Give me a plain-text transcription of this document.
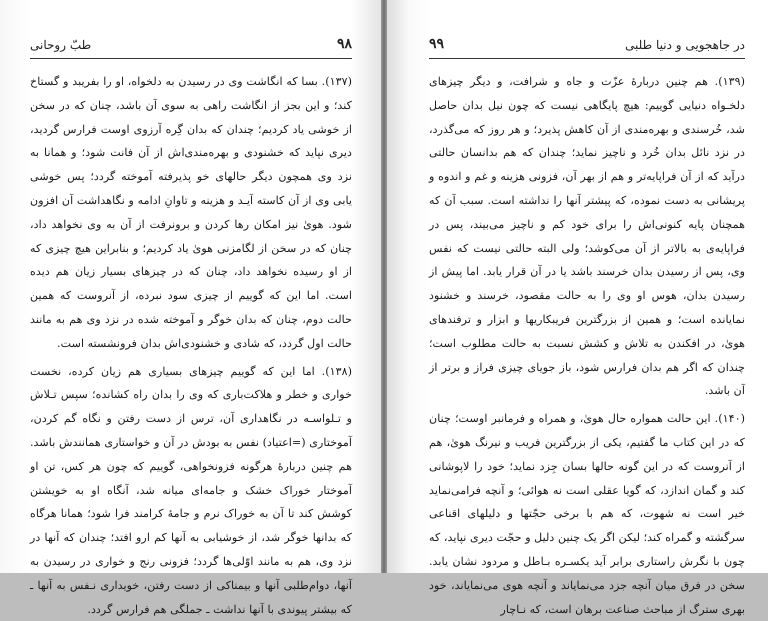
۹۸
طبّ روحانی

(۱۳۷). بسا که انگاشت وی در رسیدن به دلخواه، او را بفریبد و گستاخ کند؛ و این بجز از انگاشت راهی به سوی آن باشد، چنان که در سخن از خوشی یاد کردیم؛ چندان که بدان گِره آرزوی اوست فرارس گردید، دیری نپاید که خشنودی و بهره‌مندی‌اش از آن فانت شود؛ و همانا به نزد وی همچون دیگر حالهای خو پذیرفته آموخته گردد؛ پس خوشی یابی وی از آن کاسته آیـد و هزینه و تاوانِ ادامه و نگاهداشت آن افزون شود. هویٰ نیز امکان رها کردن و برونرفت از آن به وی نخواهد داد، چنان که در سخن از لگامزنی هویٰ یاد کردیم؛ و بنابراین هیچ چیزی که از او رسیده نخواهد داد، چنان که در چیزهای بسیار زیان هم دیده است. اما این که گوییم از چیزی سود نبرده، از آنروست که همین حالت دوم، چنان که بدان خوگر و آموخته شده در نزد وی هم به مانند حالت اول گردد، که شادی و خشنودی‌اش بدان فرونشسته است.

(۱۳۸). اما این که گوییم چیزهای بسیاری هم زیان کرده، نخست خواری و خطر و هلاکت‌باری که وی را بدان راه کشانده؛ سپس تـلاش و تـلواسـه در نگاهداری آن، ترس از دست رفتن و نگاه گم کردن، آموختاری (=اعتیاد) نفس به بودش در آن و خواستاری همانندش باشد. هم چنین دربارهٔ هرگونه فزونخواهی، گوییم که چون هر کس، تن او آموختار خوراک خشک و جامه‌ای میانه شد، آنگاه او به خویشتن کوشش کند تا آن به خوراک نرم و جامهٔ کرامند فرا شود؛ همانا هرگاه که بدانها خوگر شد، از خوشیابی به آنها کم ارو افتد؛ چندان که آنها در نزد وی، هم به مانند اوّلی‌ها گردد؛ فزونی رنج و خواری در رسیدن به آنها، دوام‌طلبی آنها و بیمناکی از دست رفتن، خویداری نـفس به آنها ـ که بیشتر پیوندی با آنها نداشت ـ جملگی هم فرارس گردد.

در جاهجویی و دنیا طلبی
۹۹

(۱۳۹). هم چنین دربارهٔ عزّت و جاه و شرافت، و دیگر چیزهای دلخـواه دنیایی گوییم: هیچ پایگاهی نیست که چون نیل بدان حاصل شد، خُرسندی و بهره‌مندی از آن کاهش پذیرد؛ و هر روز که می‌گذرد، در نزد نائل بدان خُرد و ناچیز نماید؛ چندان که هم بدانسان حالتی درآید که از آن فراپایه‌تر و هم از بهر آن، فزونی هزینه و غم و اندوه و پریشانی به دست نموده، که پیشتر آنها را نداشته است. سبب آن که همچنان پایه کنونی‌اش را برای خود کم و ناچیز می‌بیند، پس در فراپایه‌ی به بالاتر از آن می‌کوشد؛ ولی البته حالتی نیست که نفس وی، پس از رسیدن بدان خرسند باشد یا در آن قرار یابد. اما پیش از رسیدن بدان، هوس او وی را به حالت مقصود، خرسند و خشنود نمایانده است؛ و همین از بزرگترین فریبکاریها و ابزار و ترفندهای هویٰ، در افکندن به تلاش و کشش نسبت به حالت مطلوب است؛ چندان که اگر هم بدان فرارس شود، باز جویای چیزی فراز و برتر از آن باشد.

(۱۴۰). این حالت همواره حال هویٰ، و همراه و فرمانبر اوست؛ چنان که در این کتاب ما گفتیم، یکی از بزرگترین فریب و نیرنگ هویٰ، هم از آنروست که در این گونه حالها بسان جِزد نماید؛ خود را لاپوشانی کند و گمان اندازد، که گویا عقلی است نه هوائی؛ و آنچه فرامی‌نماید خیر است نه شهوت، که هم با برخی حجّتها و دلیلهای اقناعی سرگشته و گمراه کند؛ لیکن اگر یک چنین دلیل و حجّت دیری نپاید، که چون با نگرش راستاری برابر آید یکسـره بـاطل و مردود نشان یابد. سخن در فرق میان آنچه جزد می‌نمایاند و آنچه هوی می‌نمایاند، خود بهری سترگ از مباحث صناعت برهان است، که نـاچار
